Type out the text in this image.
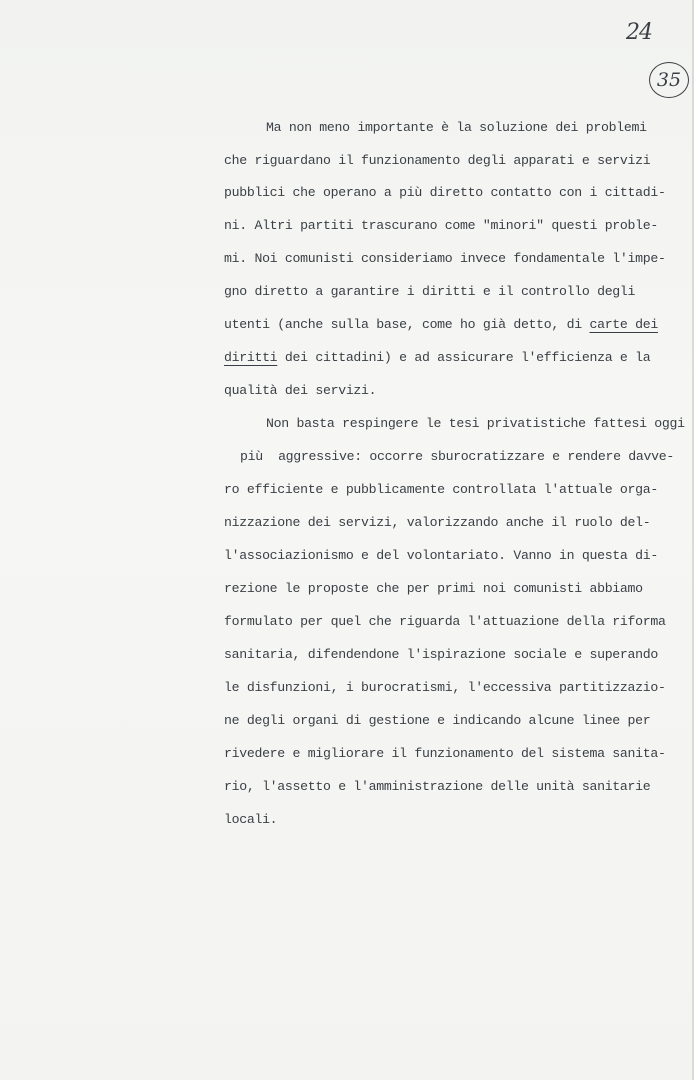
24
35
Ma non meno importante è la soluzione dei problemi
che riguardano il funzionamento degli apparati e servizi
pubblici che operano a più diretto contatto con i cittadi-
ni. Altri partiti trascurano come "minori" questi proble-
mi. Noi comunisti consideriamo invece fondamentale l'impe-
gno diretto a garantire i diritti e il controllo degli
utenti (anche sulla base, come ho già detto, di carte dei
diritti dei cittadini) e ad assicurare l'efficienza e la
qualità dei servizi.
Non basta respingere le tesi privatistiche fattesi oggi
più  aggressive: occorre sburocratizzare e rendere davve-
ro efficiente e pubblicamente controllata l'attuale orga-
nizzazione dei servizi, valorizzando anche il ruolo del-
l'associazionismo e del volontariato. Vanno in questa di-
rezione le proposte che per primi noi comunisti abbiamo
formulato per quel che riguarda l'attuazione della riforma
sanitaria, difendendone l'ispirazione sociale e superando
le disfunzioni, i burocratismi, l'eccessiva partitizzazio-
ne degli organi di gestione e indicando alcune linee per
rivedere e migliorare il funzionamento del sistema sanita-
rio, l'assetto e l'amministrazione delle unità sanitarie
locali.
